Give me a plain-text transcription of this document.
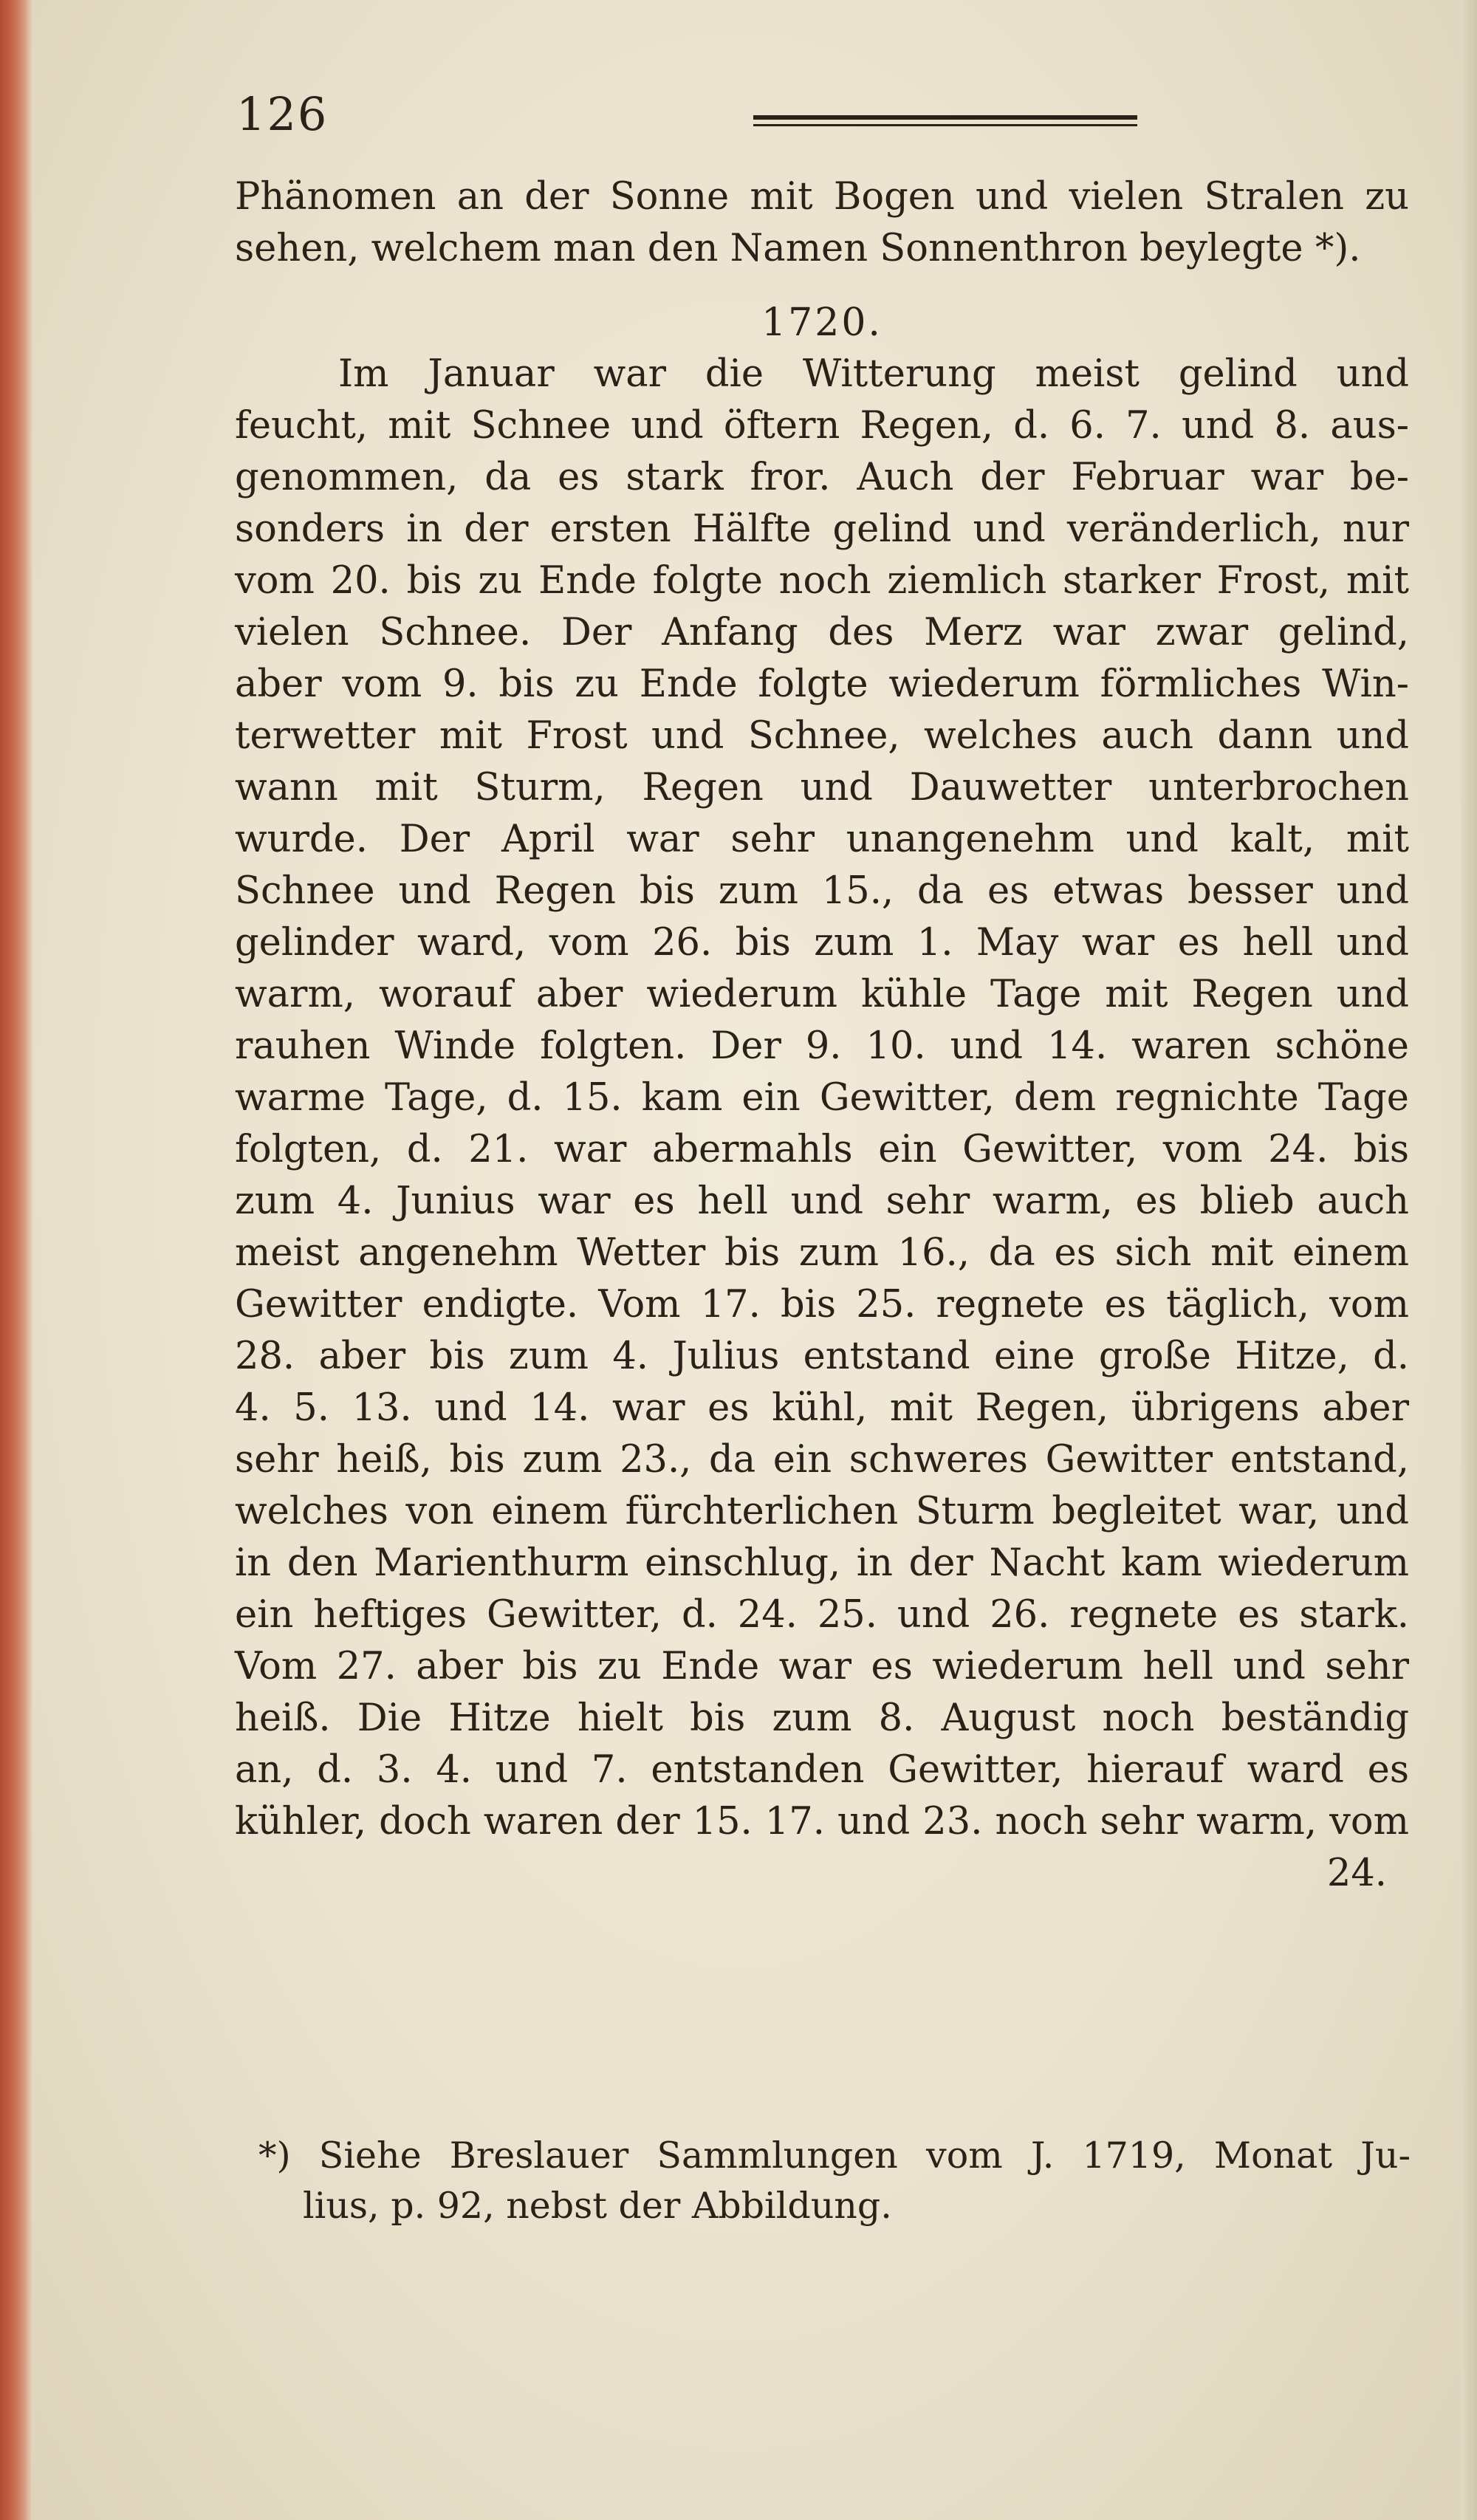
126
Phänomen an der Sonne mit Bogen und vielen Stralen zu
sehen, welchem man den Namen Sonnenthron beylegte *).
1720.
Im Januar war die Witterung meist gelind und
feucht, mit Schnee und öftern Regen, d. 6. 7. und 8. aus-
genommen, da es stark fror. Auch der Februar war be-
sonders in der ersten Hälfte gelind und veränderlich, nur
vom 20. bis zu Ende folgte noch ziemlich starker Frost, mit
vielen Schnee. Der Anfang des Merz war zwar gelind,
aber vom 9. bis zu Ende folgte wiederum förmliches Win-
terwetter mit Frost und Schnee, welches auch dann und
wann mit Sturm, Regen und Dauwetter unterbrochen
wurde. Der April war sehr unangenehm und kalt, mit
Schnee und Regen bis zum 15., da es etwas besser und
gelinder ward, vom 26. bis zum 1. May war es hell und
warm, worauf aber wiederum kühle Tage mit Regen und
rauhen Winde folgten. Der 9. 10. und 14. waren schöne
warme Tage, d. 15. kam ein Gewitter, dem regnichte Tage
folgten, d. 21. war abermahls ein Gewitter, vom 24. bis
zum 4. Junius war es hell und sehr warm, es blieb auch
meist angenehm Wetter bis zum 16., da es sich mit einem
Gewitter endigte. Vom 17. bis 25. regnete es täglich, vom
28. aber bis zum 4. Julius entstand eine große Hitze, d.
4. 5. 13. und 14. war es kühl, mit Regen, übrigens aber
sehr heiß, bis zum 23., da ein schweres Gewitter entstand,
welches von einem fürchterlichen Sturm begleitet war, und
in den Marienthurm einschlug, in der Nacht kam wiederum
ein heftiges Gewitter, d. 24. 25. und 26. regnete es stark.
Vom 27. aber bis zu Ende war es wiederum hell und sehr
heiß. Die Hitze hielt bis zum 8. August noch beständig
an, d. 3. 4. und 7. entstanden Gewitter, hierauf ward es
kühler, doch waren der 15. 17. und 23. noch sehr warm, vom
24.
*) Siehe Breslauer Sammlungen vom J. 1719, Monat Ju-
lius, p. 92, nebst der Abbildung.
